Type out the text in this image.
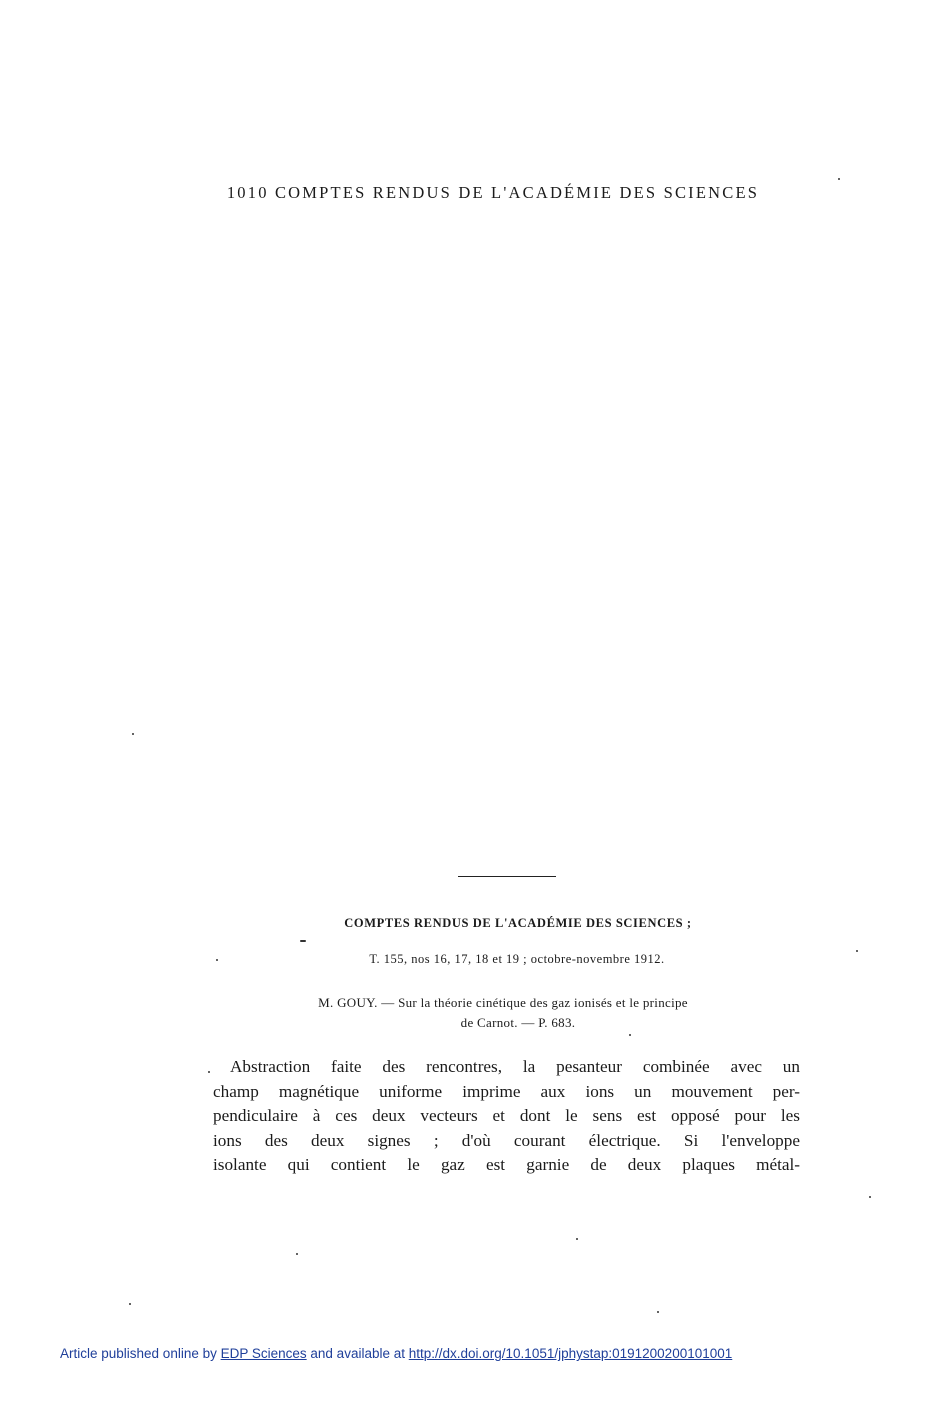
1010 COMPTES RENDUS DE L'ACADÉMIE DES SCIENCES
COMPTES RENDUS DE L'ACADÉMIE DES SCIENCES ;
T. 155, nos 16, 17, 18 et 19 ; octobre-novembre 1912.
M. GOUY. — Sur la théorie cinétique des gaz ionisés et le principe
de Carnot. — P. 683.
Abstraction faite des rencontres, la pesanteur combinée avec un
champ magnétique uniforme imprime aux ions un mouvement per-
pendiculaire à ces deux vecteurs et dont le sens est opposé pour les
ions des deux signes ; d'où courant électrique. Si l'enveloppe
isolante qui contient le gaz est garnie de deux plaques métal-
Article published online by EDP Sciences and available at http://dx.doi.org/10.1051/jphystap:0191200200101001
